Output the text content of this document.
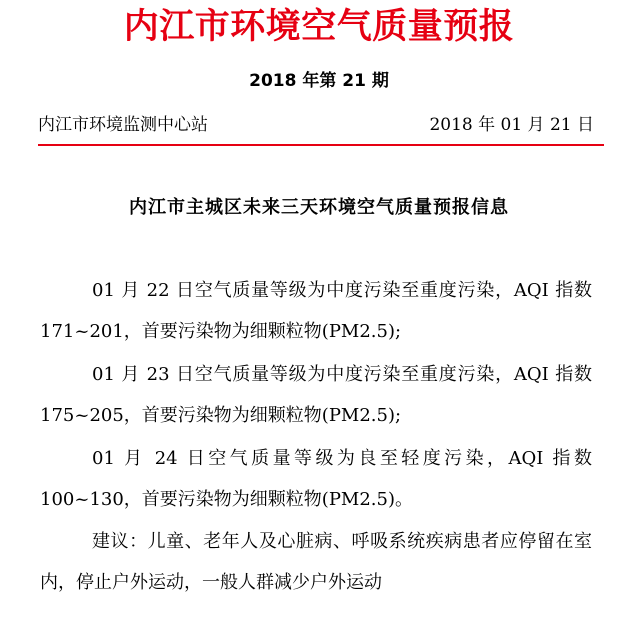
内江市环境空气质量预报
2018 年第 21 期
内江市环境监测中心站	2018 年 01 月 21 日
内江市主城区未来三天环境空气质量预报信息

01 月 22 日空气质量等级为中度污染至重度污染，AQI 指数 171~201，首要污染物为细颗粒物(PM2.5);

01 月 23 日空气质量等级为中度污染至重度污染，AQI 指数 175~205，首要污染物为细颗粒物(PM2.5);

01 月 24 日空气质量等级为良至轻度污染，AQI 指数 100~130，首要污染物为细颗粒物(PM2.5)。

建议：儿童、老年人及心脏病、呼吸系统疾病患者应停留在室内，停止户外运动，一般人群减少户外运动
